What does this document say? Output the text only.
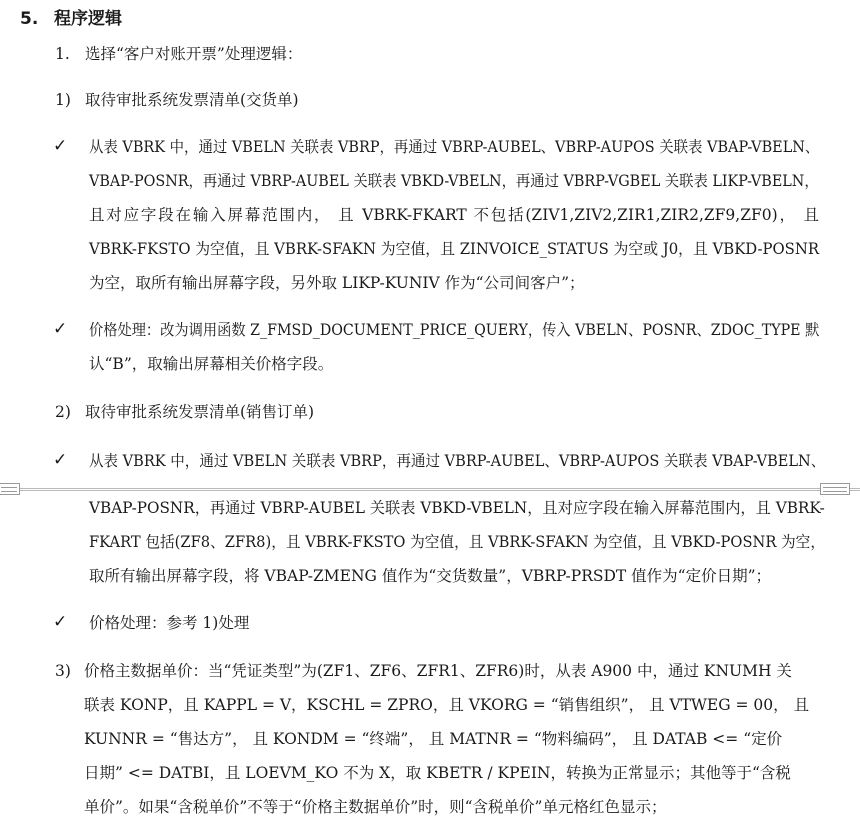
5. 程序逻辑
1. 选择“客户对账开票”处理逻辑：
1) 取待审批系统发票清单(交货单)
✓ 从表 VBRK 中，通过 VBELN 关联表 VBRP，再通过 VBRP-AUBEL、VBRP-AUPOS 关联表 VBAP-VBELN、
VBAP-POSNR，再通过 VBRP-AUBEL 关联表 VBKD-VBELN，再通过 VBRP-VGBEL 关联表 LIKP-VBELN，
且对应字段在输入屏幕范围内， 且 VBRK-FKART 不包括(ZIV1,ZIV2,ZIR1,ZIR2,ZF9,ZF0)， 且
VBRK-FKSTO 为空值，且 VBRK-SFAKN 为空值，且 ZINVOICE_STATUS 为空或 J0，且 VBKD-POSNR
为空，取所有输出屏幕字段，另外取 LIKP-KUNIV 作为“公司间客户”；
✓ 价格处理：改为调用函数 Z_FMSD_DOCUMENT_PRICE_QUERY，传入 VBELN、POSNR、ZDOC_TYPE 默
认“B”，取输出屏幕相关价格字段。
2) 取待审批系统发票清单(销售订单)
✓ 从表 VBRK 中，通过 VBELN 关联表 VBRP，再通过 VBRP-AUBEL、VBRP-AUPOS 关联表 VBAP-VBELN、
VBAP-POSNR，再通过 VBRP-AUBEL 关联表 VBKD-VBELN，且对应字段在输入屏幕范围内，且 VBRK-
FKART 包括(ZF8、ZFR8)，且 VBRK-FKSTO 为空值，且 VBRK-SFAKN 为空值，且 VBKD-POSNR 为空，
取所有输出屏幕字段，将 VBAP-ZMENG 值作为“交货数量”，VBRP-PRSDT 值作为“定价日期”；
✓ 价格处理：参考 1)处理
3) 价格主数据单价：当“凭证类型”为(ZF1、ZF6、ZFR1、ZFR6)时，从表 A900 中，通过 KNUMH 关
联表 KONP，且 KAPPL = V，KSCHL = ZPRO，且 VKORG = “销售组织”， 且 VTWEG = 00， 且
KUNNR = “售达方”， 且 KONDM = “终端”， 且 MATNR = “物料编码”， 且 DATAB <= “定价
日期” <= DATBI，且 LOEVM_KO 不为 X，取 KBETR / KPEIN，转换为正常显示；其他等于“含税
单价”。如果“含税单价”不等于“价格主数据单价”时，则“含税单价”单元格红色显示；
